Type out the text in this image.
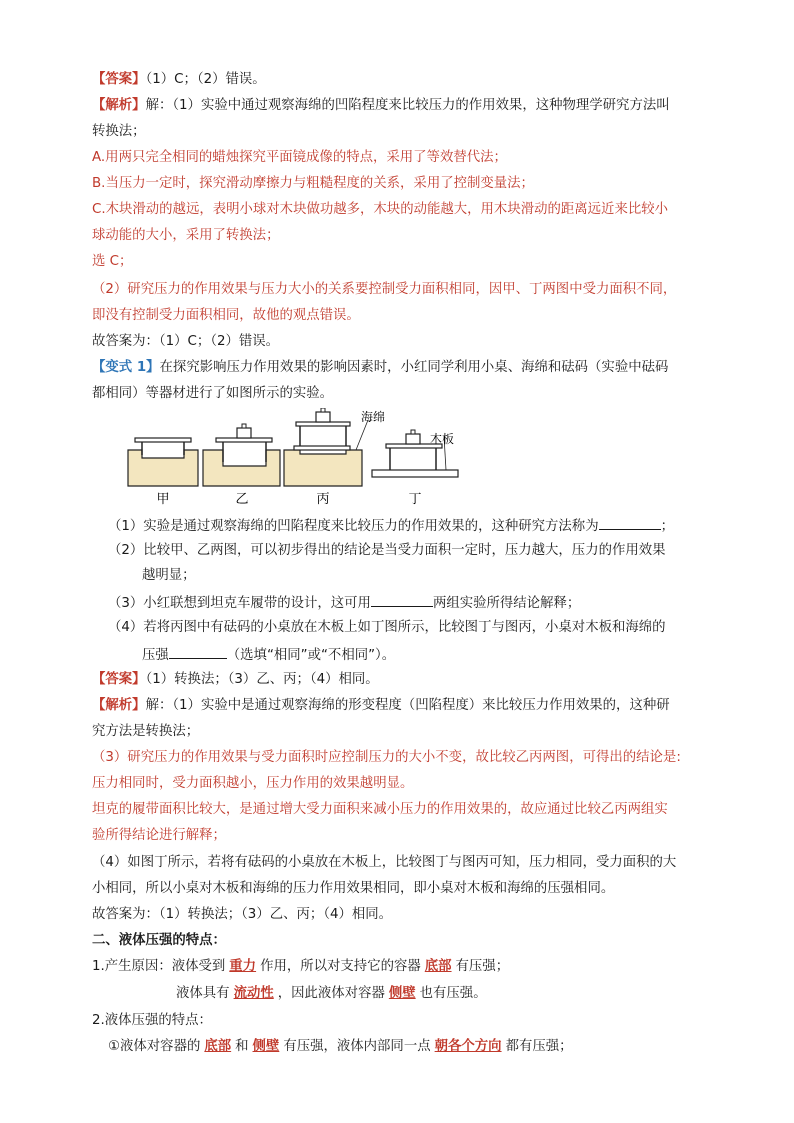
【答案】（1）C；（2）错误。
【解析】解：（1）实验中通过观察海绵的凹陷程度来比较压力的作用效果，这种物理学研究方法叫
转换法；
A.用两只完全相同的蜡烛探究平面镜成像的特点，采用了等效替代法；
B.当压力一定时，探究滑动摩擦力与粗糙程度的关系，采用了控制变量法；
C.木块滑动的越远，表明小球对木块做功越多，木块的动能越大，用木块滑动的距离远近来比较小
球动能的大小，采用了转换法；
选 C；
（2）研究压力的作用效果与压力大小的关系要控制受力面积相同，因甲、丁两图中受力面积不同，
即没有控制受力面积相同，故他的观点错误。
故答案为：（1）C；（2）错误。
【变式 1】在探究影响压力作用效果的影响因素时，小红同学利用小桌、海绵和砝码（实验中砝码
都相同）等器材进行了如图所示的实验。
甲	乙
海绵
丙
木板
丁
（1）实验是通过观察海绵的凹陷程度来比较压力的作用效果的，这种研究方法称为	；
（2）比较甲、乙两图，可以初步得出的结论是当受力面积一定时，压力越大，压力的作用效果
越明显；
（3）小红联想到坦克车履带的设计，这可用	两组实验所得结论解释；
（4）若将丙图中有砝码的小桌放在木板上如丁图所示，比较图丁与图丙，小桌对木板和海绵的
压强	（选填“相同”或“不相同”）。
【答案】（1）转换法；（3）乙、丙；（4）相同。
【解析】解：（1）实验中是通过观察海绵的形变程度（凹陷程度）来比较压力作用效果的，这种研
究方法是转换法；
（3）研究压力的作用效果与受力面积时应控制压力的大小不变，故比较乙丙两图，可得出的结论是:
压力相同时，受力面积越小，压力作用的效果越明显。
坦克的履带面积比较大，是通过增大受力面积来减小压力的作用效果的，故应通过比较乙丙两组实
验所得结论进行解释；
（4）如图丁所示，若将有砝码的小桌放在木板上，比较图丁与图丙可知，压力相同，受力面积的大
小相同，所以小桌对木板和海绵的压力作用效果相同，即小桌对木板和海绵的压强相同。
故答案为：（1）转换法；（3）乙、丙；（4）相同。
二、液体压强的特点：
1.产生原因：液体受到 重力 作用，所以对支持它的容器 底部 有压强；
液体具有 流动性 ，因此液体对容器 侧壁 也有压强。
2.液体压强的特点：
①液体对容器的 底部 和 侧壁 有压强，液体内部同一点 朝各个方向 都有压强；
